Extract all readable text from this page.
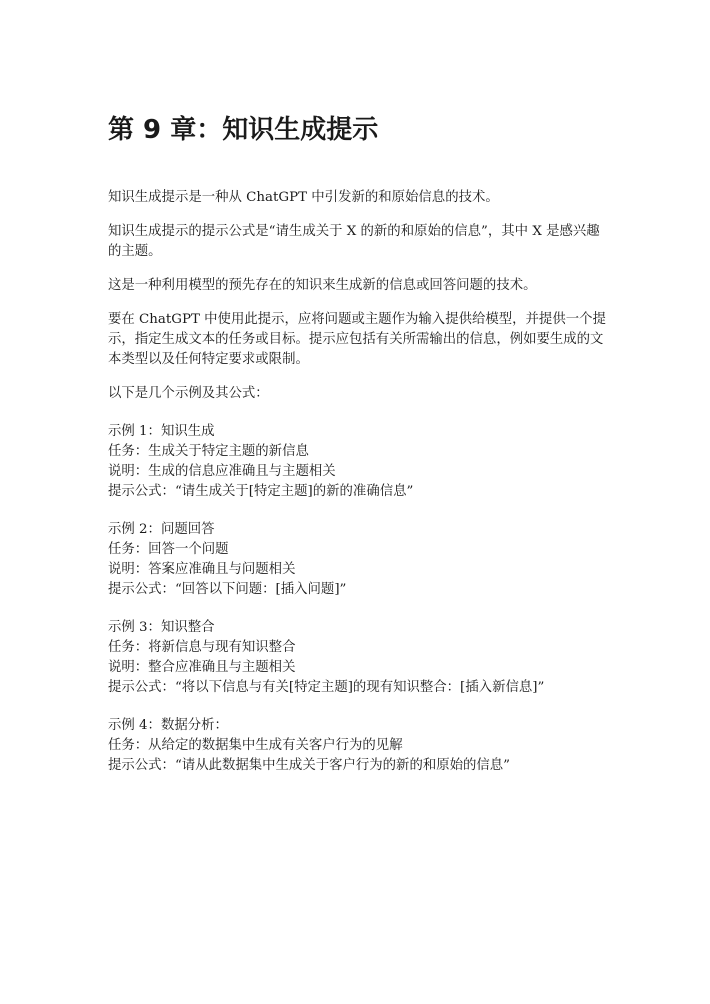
第 9 章：知识生成提示

知识生成提示是一种从 ChatGPT 中引发新的和原始信息的技术。

知识生成提示的提示公式是“请生成关于 X 的新的和原始的信息”，其中 X 是感兴趣的主题。

这是一种利用模型的预先存在的知识来生成新的信息或回答问题的技术。

要在 ChatGPT 中使用此提示，应将问题或主题作为输入提供给模型，并提供一个提示，指定生成文本的任务或目标。提示应包括有关所需输出的信息，例如要生成的文本类型以及任何特定要求或限制。

以下是几个示例及其公式：

示例 1：知识生成

任务：生成关于特定主题的新信息

说明：生成的信息应准确且与主题相关

提示公式：“请生成关于[特定主题]的新的准确信息”

示例 2：问题回答

任务：回答一个问题

说明：答案应准确且与问题相关

提示公式：“回答以下问题：[插入问题]”

示例 3：知识整合

任务：将新信息与现有知识整合

说明：整合应准确且与主题相关

提示公式：“将以下信息与有关[特定主题]的现有知识整合：[插入新信息]”

示例 4：数据分析：

任务：从给定的数据集中生成有关客户行为的见解

提示公式：“请从此数据集中生成关于客户行为的新的和原始的信息”
